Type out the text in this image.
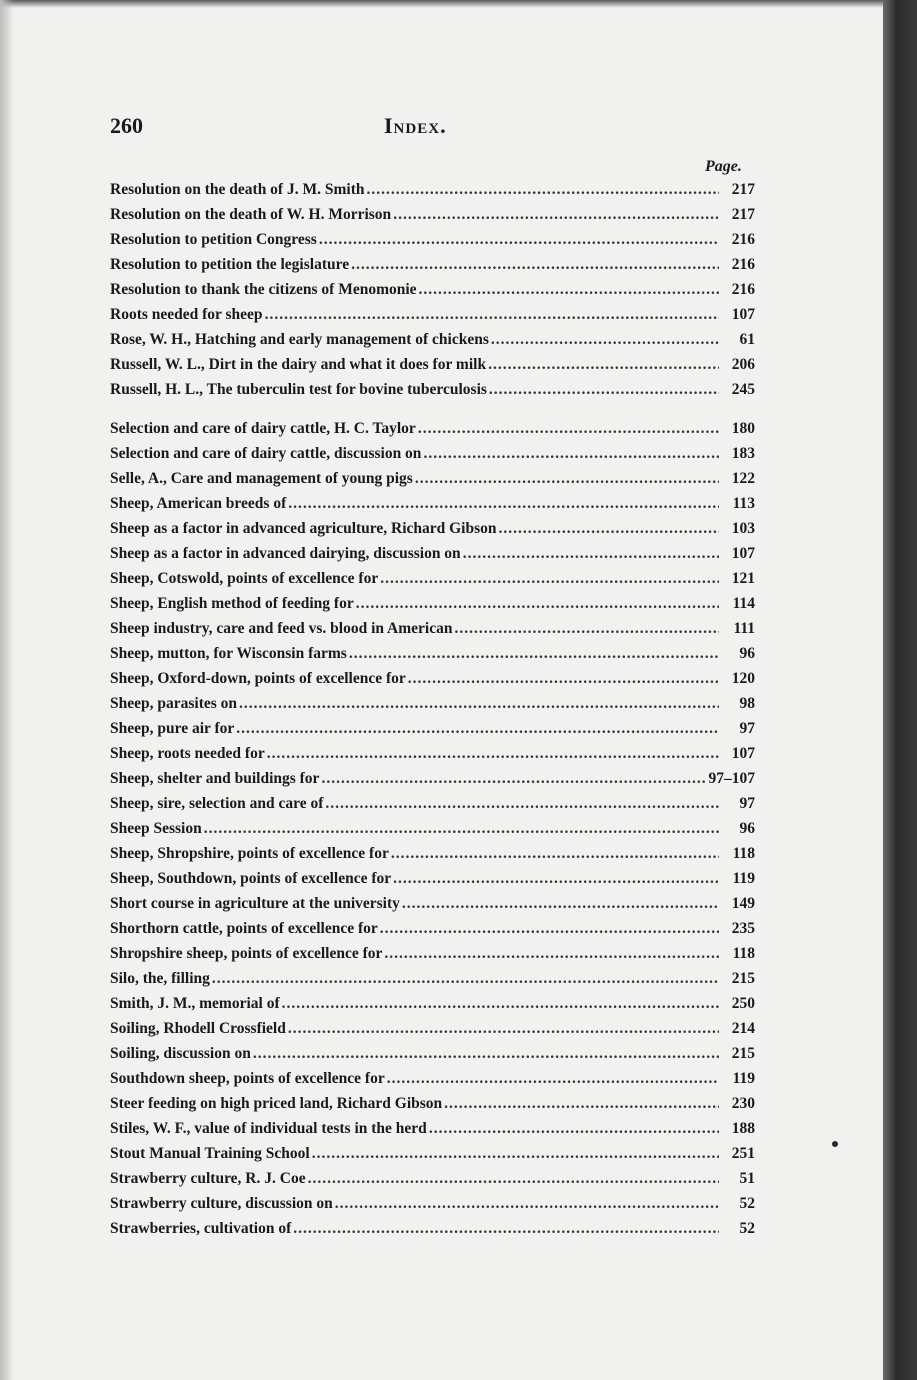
260	Index.
Page.
Resolution on the death of J. M. Smith .....	217
Resolution on the death of W. H. Morrison .....	217
Resolution to petition Congress .....	216
Resolution to petition the legislature .....	216
Resolution to thank the citizens of Menomonie .....	216
Roots needed for sheep .....	107
Rose, W. H., Hatching and early management of chickens .....	61
Russell, W. L., Dirt in the dairy and what it does for milk .....	206
Russell, H. L., The tuberculin test for bovine tuberculosis .....	245
Selection and care of dairy cattle, H. C. Taylor .....	180
Selection and care of dairy cattle, discussion on .....	183
Selle, A., Care and management of young pigs .....	122
Sheep, American breeds of .....	113
Sheep as a factor in advanced agriculture, Richard Gibson .....	103
Sheep as a factor in advanced dairying, discussion on .....	107
Sheep, Cotswold, points of excellence for .....	121
Sheep, English method of feeding for .....	114
Sheep industry, care and feed vs. blood in American .....	111
Sheep, mutton, for Wisconsin farms .....	96
Sheep, Oxford-down, points of excellence for .....	120
Sheep, parasites on .....	98
Sheep, pure air for .....	97
Sheep, roots needed for .....	107
Sheep, shelter and buildings for .....	97–107
Sheep, sire, selection and care of .....	97
Sheep Session .....	96
Sheep, Shropshire, points of excellence for .....	118
Sheep, Southdown, points of excellence for .....	119
Short course in agriculture at the university .....	149
Shorthorn cattle, points of excellence for .....	235
Shropshire sheep, points of excellence for .....	118
Silo, the, filling .....	215
Smith, J. M., memorial of .....	250
Soiling, Rhodell Crossfield .....	214
Soiling, discussion on .....	215
Southdown sheep, points of excellence for .....	119
Steer feeding on high priced land, Richard Gibson .....	230
Stiles, W. F., value of individual tests in the herd .....	188
Stout Manual Training School .....	251
Strawberry culture, R. J. Coe .....	51
Strawberry culture, discussion on .....	52
Strawberries, cultivation of .....	52
